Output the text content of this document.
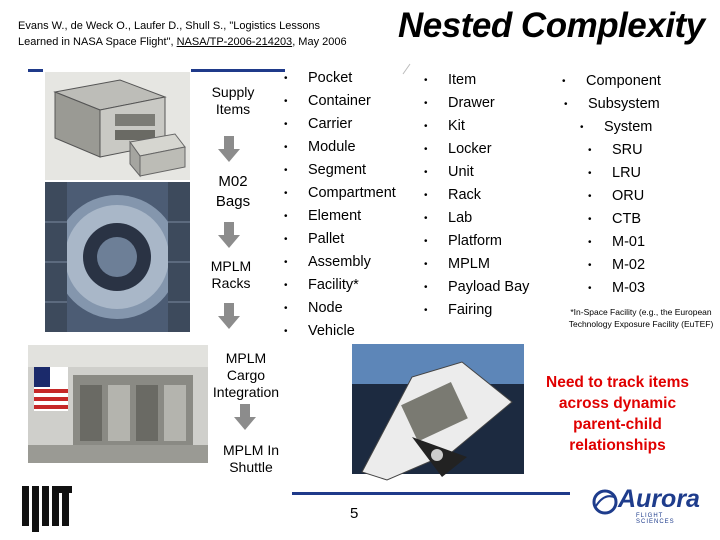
Evans W., de Weck O., Laufer D., Shull S., "Logistics Lessons
Learned in NASA Space Flight", NASA/TP-2006-214203, May 2006	Nested Complexity
Supply Items
M02 Bags
MPLM Racks
MPLM Cargo Integration
MPLM In Shuttle
• Pocket
• Container
• Carrier
• Module
• Segment
• Compartment
• Element
• Pallet
• Assembly
• Facility*
• Node
• Vehicle
• Item
• Drawer
• Kit
• Locker
• Unit
• Rack
• Lab
• Platform
• MPLM
• Payload Bay
• Fairing
• Component
• Subsystem
• System
• SRU
• LRU
• ORU
• CTB
• M-01
• M-02
• M-03
*In-Space Facility (e.g., the European Technology Exposure Facility (EuTEF)
Need to track items across dynamic parent-child relationships
5
Aurora
FLIGHT SCIENCES
